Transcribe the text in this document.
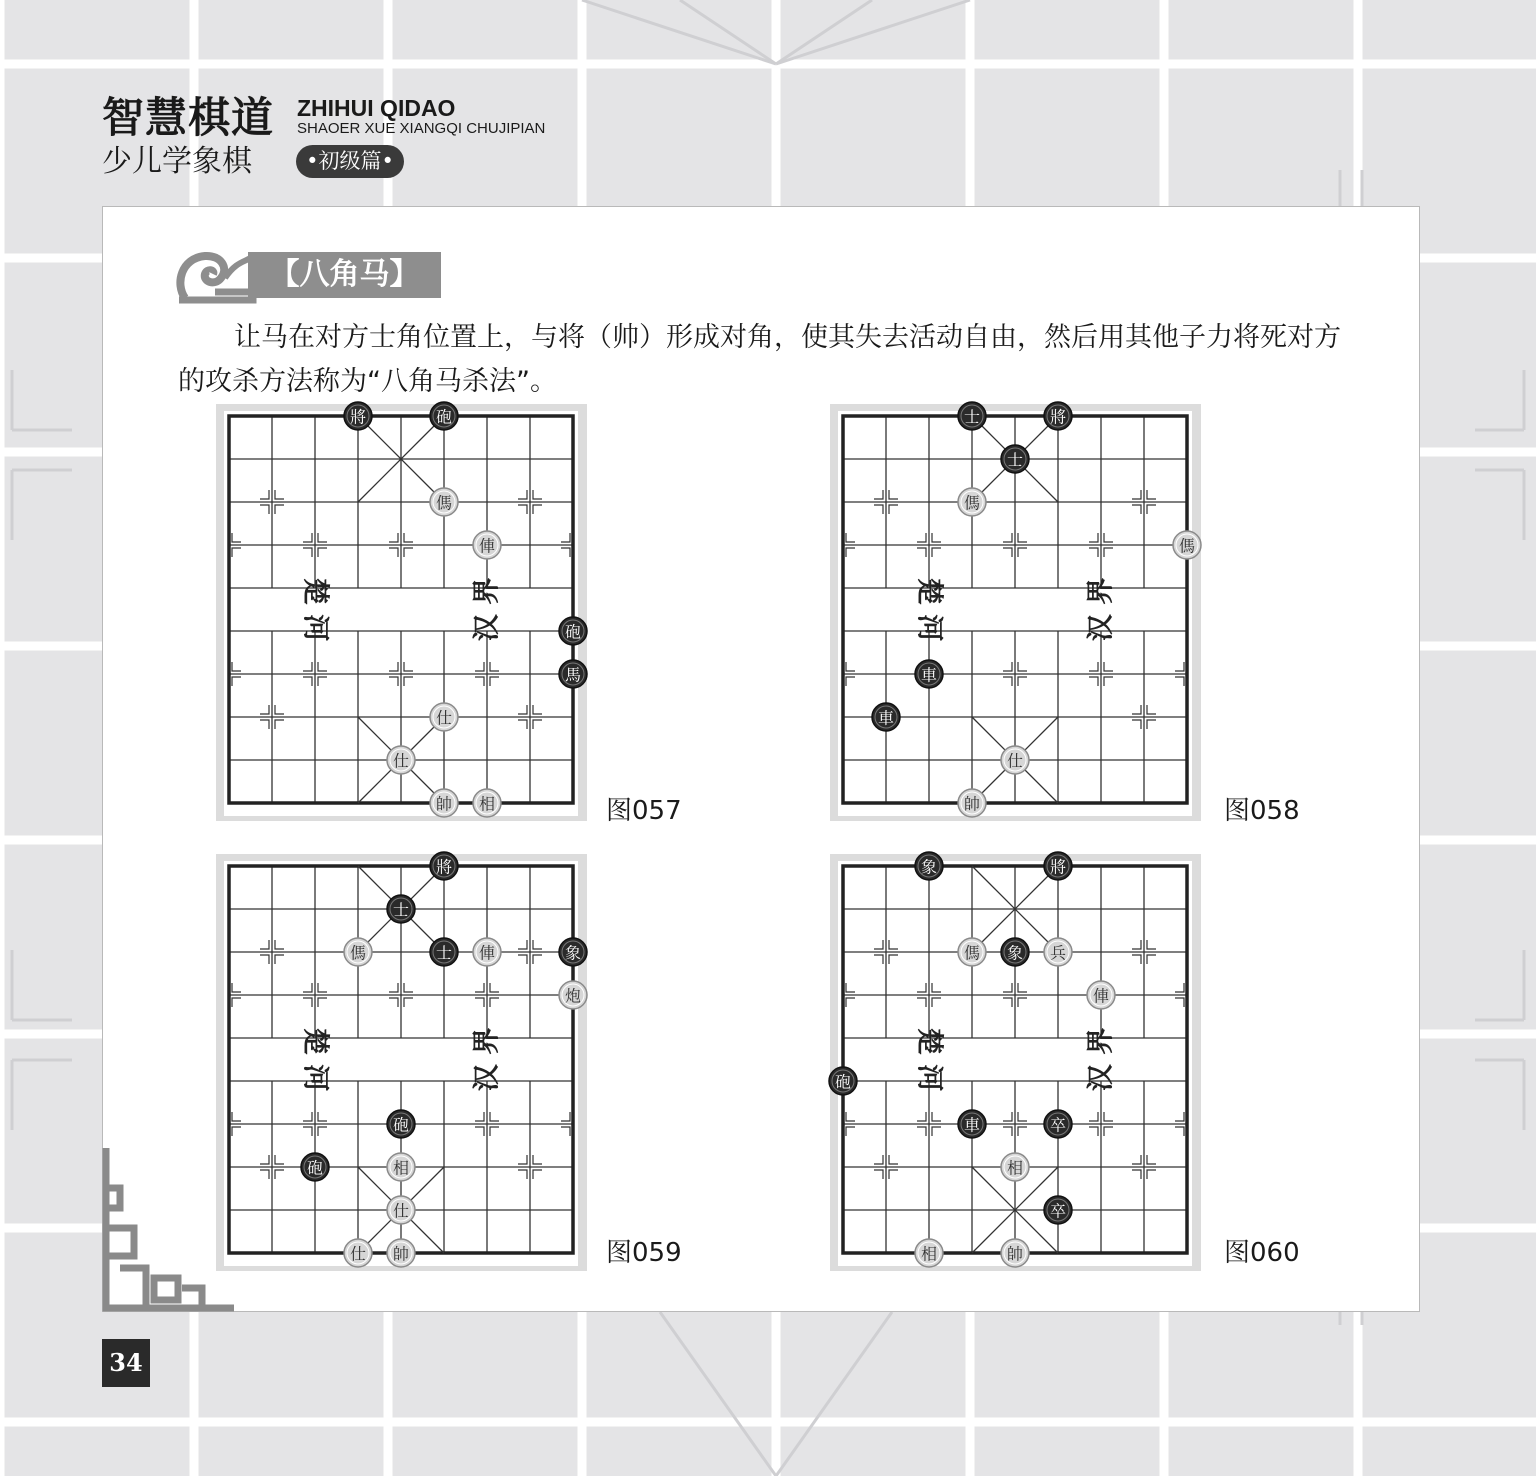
智慧棋道 ZHIHUI QIDAO
SHAOER XUE XIANGQI CHUJIPIAN
少儿学象棋	•初级篇•
【八角马】

让马在对方士角位置上，与将（帅）形成对角，使其失去活动自由，然后用其他子力将死对方的攻杀方法称为“八角马杀法”。

楚 河	汉 界
將	砲
傌
俥
砲
馬
仕
仕
帥 相
楚 河	汉 界
士	將
士
傌
傌
車
車
仕
帥
楚 河	汉 界
將
士
傌	士 俥	象
炮
砲
砲	相
仕
仕 帥
楚 河	汉 界
象	將
傌 象 兵
俥
砲
車	卒
相
卒
相	帥
图057	图058
图059	图060
34
